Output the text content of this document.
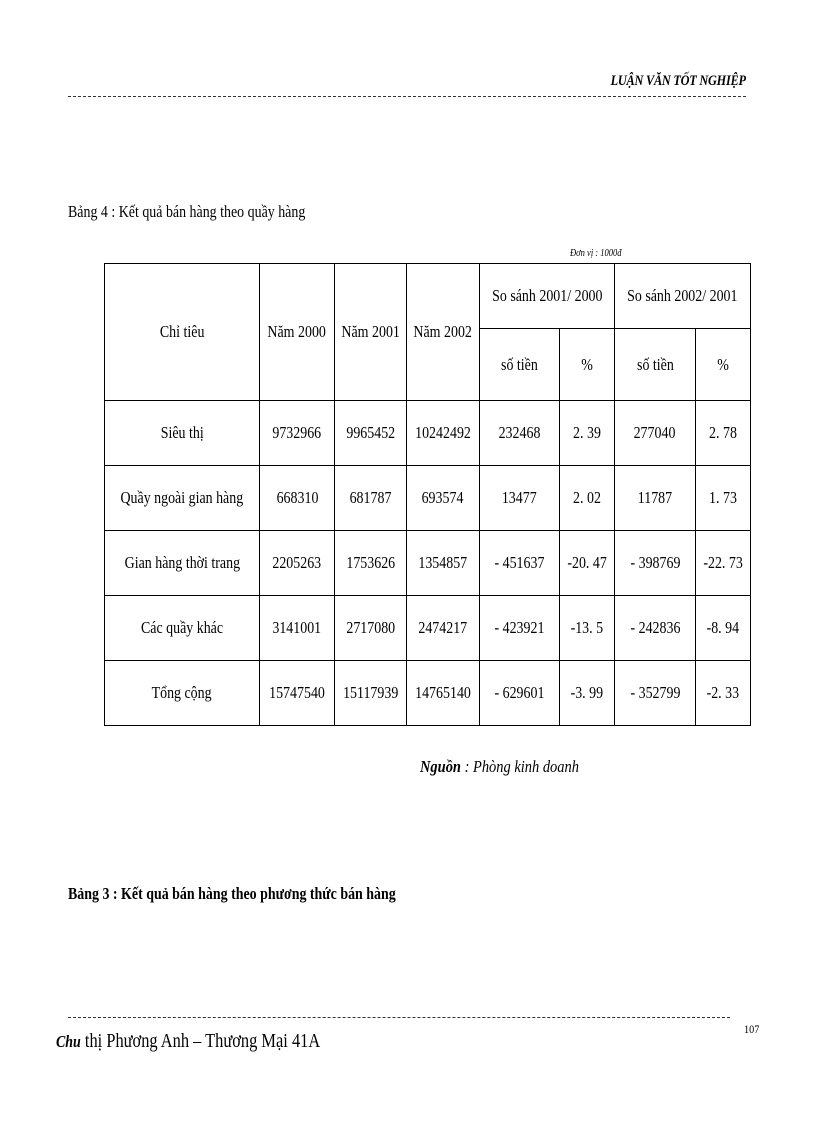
LUẬN VĂN TỐT NGHIỆP
Bảng 4 : Kết quả bán hàng theo quầy hàng
Đơn vị : 1000đ
Chỉ tiêu	Năm 2000	Năm 2001	Năm 2002	So sánh 2001/ 2000		So sánh 2002/ 2001	
				số tiền	%	số tiền	%
Siêu thị	9732966	9965452	10242492	232468	2. 39	277040	2. 78
Quầy ngoài gian hàng	668310	681787	693574	13477	2. 02	11787	1. 73
Gian hàng thời trang	2205263	1753626	1354857	- 451637	-20. 47	- 398769	-22. 73
Các quầy khác	3141001	2717080	2474217	- 423921	-13. 5	- 242836	-8. 94
Tổng cộng	15747540	15117939	14765140	- 629601	-3. 99	- 352799	-2. 33
Nguồn : Phòng kinh doanh
Bảng 3 : Kết quả bán hàng theo phương thức bán hàng
Chu thị Phương Anh – Thương Mại 41A
107
